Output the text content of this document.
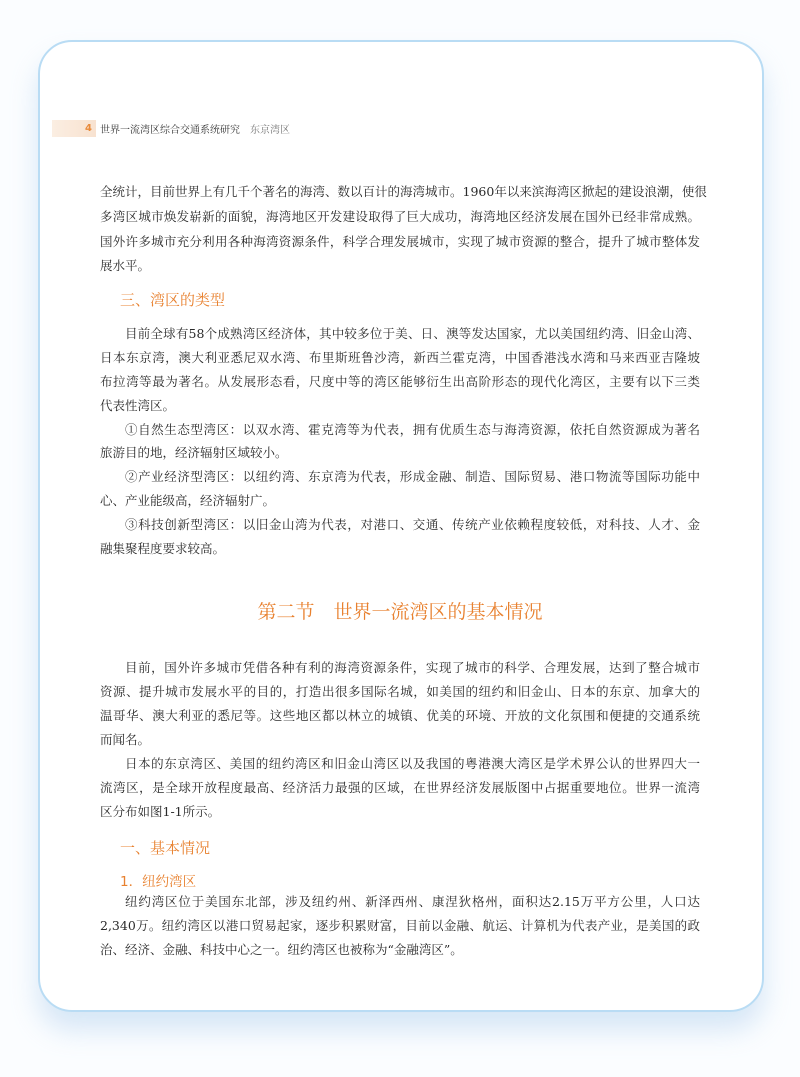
4 世界一流湾区综合交通系统研究 东京湾区
三、湾区的类型
第二节　世界一流湾区的基本情况
一、基本情况
1．纽约湾区
全统计，目前世界上有几千个著名的海湾、数以百计的海湾城市。1960年以来滨海湾区掀起的建设浪潮，使很
多湾区城市焕发崭新的面貌，海湾地区开发建设取得了巨大成功，海湾地区经济发展在国外已经非常成熟。
国外许多城市充分利用各种海湾资源条件，科学合理发展城市，实现了城市资源的整合，提升了城市整体发
展水平。
目前全球有58个成熟湾区经济体，其中较多位于美、日、澳等发达国家，尤以美国纽约湾、旧金山湾、
日本东京湾，澳大利亚悉尼双水湾、布里斯班鲁沙湾，新西兰霍克湾，中国香港浅水湾和马来西亚吉隆坡
布拉湾等最为著名。从发展形态看，尺度中等的湾区能够衍生出高阶形态的现代化湾区，主要有以下三类
代表性湾区。
①自然生态型湾区：以双水湾、霍克湾等为代表，拥有优质生态与海湾资源，依托自然资源成为著名
旅游目的地，经济辐射区域较小。
②产业经济型湾区：以纽约湾、东京湾为代表，形成金融、制造、国际贸易、港口物流等国际功能中
心、产业能级高，经济辐射广。
③科技创新型湾区：以旧金山湾为代表，对港口、交通、传统产业依赖程度较低，对科技、人才、金
融集聚程度要求较高。
目前，国外许多城市凭借各种有利的海湾资源条件，实现了城市的科学、合理发展，达到了整合城市
资源、提升城市发展水平的目的，打造出很多国际名城，如美国的纽约和旧金山、日本的东京、加拿大的
温哥华、澳大利亚的悉尼等。这些地区都以林立的城镇、优美的环境、开放的文化氛围和便捷的交通系统
而闻名。
日本的东京湾区、美国的纽约湾区和旧金山湾区以及我国的粤港澳大湾区是学术界公认的世界四大一
流湾区，是全球开放程度最高、经济活力最强的区域，在世界经济发展版图中占据重要地位。世界一流湾
区分布如图1-1所示。
纽约湾区位于美国东北部，涉及纽约州、新泽西州、康涅狄格州，面积达2.15万平方公里，人口达
2,340万。纽约湾区以港口贸易起家，逐步积累财富，目前以金融、航运、计算机为代表产业，是美国的政
治、经济、金融、科技中心之一。纽约湾区也被称为“金融湾区”。
